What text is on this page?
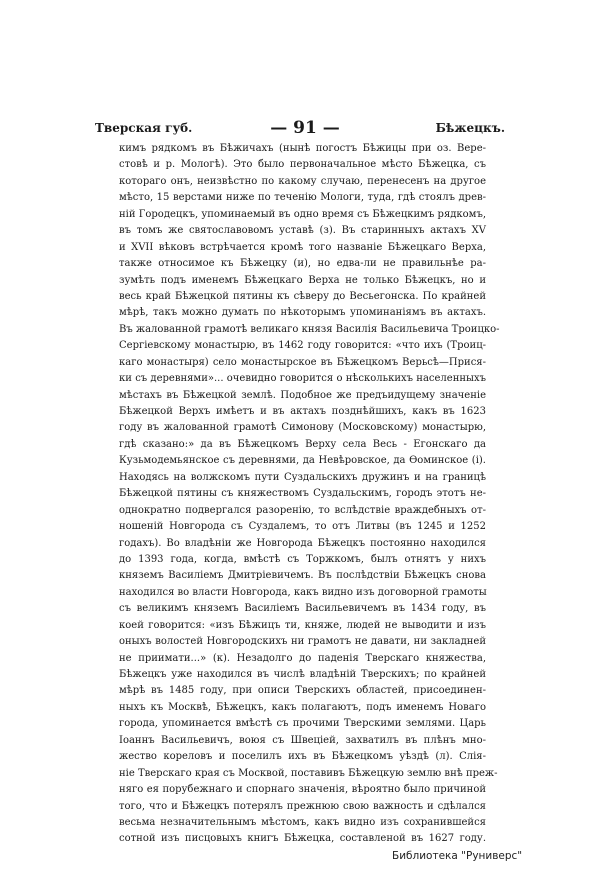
Тверская губ.	— 91 —	Бѣжецкъ.
кимъ рядкомъ въ Бѣжичахъ (нынѣ погостъ Бѣжицы при оз. Вере-
стовѣ и р. Мологѣ). Это было первоначальное мѣсто Бѣжецка, съ
котораго онъ, неизвѣстно по какому случаю, перенесенъ на другое
мѣсто, 15 верстами ниже по теченію Мологи, туда, гдѣ стоялъ древ-
ній Городецкъ, упоминаемый въ одно время съ Бѣжецкимъ рядкомъ,
въ томъ же святославовомъ уставѣ (з). Въ старинныхъ актахъ XV
и XVII вѣковъ встрѣчается кромѣ того названіе Бѣжецкаго Верха,
также относимое къ Бѣжецку (и), но едва-ли не правильнѣе ра-
зумѣть подъ именемъ Бѣжецкаго Верха не только Бѣжецкъ, но и
весь край Бѣжецкой пятины къ сѣверу до Весьегонска. По крайней
мѣрѣ, такъ можно думать по нѣкоторымъ упоминаніямъ въ актахъ.
Въ жалованной грамотѣ великаго князя Василія Васильевича Троицко-
Сергіевскому монастырю, въ 1462 году говорится: «что ихъ (Троиц-
каго монастыря) село монастырское въ Бѣжецкомъ Верьсѣ—Прися-
ки съ деревнями»... очевидно говорится о нѣсколькихъ населенныхъ
мѣстахъ въ Бѣжецкой землѣ. Подобное же предъидущему значеніе
Бѣжецкой Верхъ имѣетъ и въ актахъ позднѣйшихъ, какъ въ 1623
году въ жалованной грамотѣ Симонову (Московскому) монастырю,
гдѣ сказано:» да въ Бѣжецкомъ Верху села Весь - Егонскаго да
Кузьмодемьянское съ деревнями, да Невѣровское, да Ѳоминское (і).
Находясь на волжскомъ пути Суздальскихъ дружинъ и на границѣ
Бѣжецкой пятины съ княжествомъ Суздальскимъ, городъ этотъ не-
однократно подвергался разоренію, то вслѣдствіе враждебныхъ от-
ношеній Новгорода съ Суздалемъ, то отъ Литвы (въ 1245 и 1252
годахъ). Во владѣніи же Новгорода Бѣжецкъ постоянно находился
до 1393 года, когда, вмѣстѣ съ Торжкомъ, былъ отнятъ у нихъ
княземъ Василіемъ Дмитріевичемъ. Въ послѣдствіи Бѣжецкъ снова
находился во власти Новгорода, какъ видно изъ договорной грамоты
съ великимъ княземъ Василіемъ Васильевичемъ въ 1434 году, въ
коей говорится: «изъ Бѣжицъ ти, княже, людей не выводити и изъ
оныхъ волостей Новгородскихъ ни грамотъ не давати, ни закладней
не приимати...» (к). Незадолго до паденія Тверскаго княжества,
Бѣжецкъ уже находился въ числѣ владѣній Тверскихъ; по крайней
мѣрѣ въ 1485 году, при описи Тверскихъ областей, присоединен-
ныхъ къ Москвѣ, Бѣжецкъ, какъ полагаютъ, подъ именемъ Новаго
города, упоминается вмѣстѣ съ прочими Тверскими землями. Царь
Іоаннъ Васильевичъ, воюя съ Швеціей, захватилъ въ плѣнъ мно-
жество кореловъ и поселилъ ихъ въ Бѣжецкомъ уѣздѣ (л). Слія-
ніе Тверскаго края съ Москвой, поставивъ Бѣжецкую землю внѣ преж-
няго ея порубежнаго и спорнаго значенія, вѣроятно было причиной
того, что и Бѣжецкъ потерялъ прежнюю свою важность и сдѣлался
весьма незначительнымъ мѣстомъ, какъ видно изъ сохранившейся
сотной изъ писцовыхъ книгъ Бѣжецка, составленой въ 1627 году.
Библиотека "Руниверс"
